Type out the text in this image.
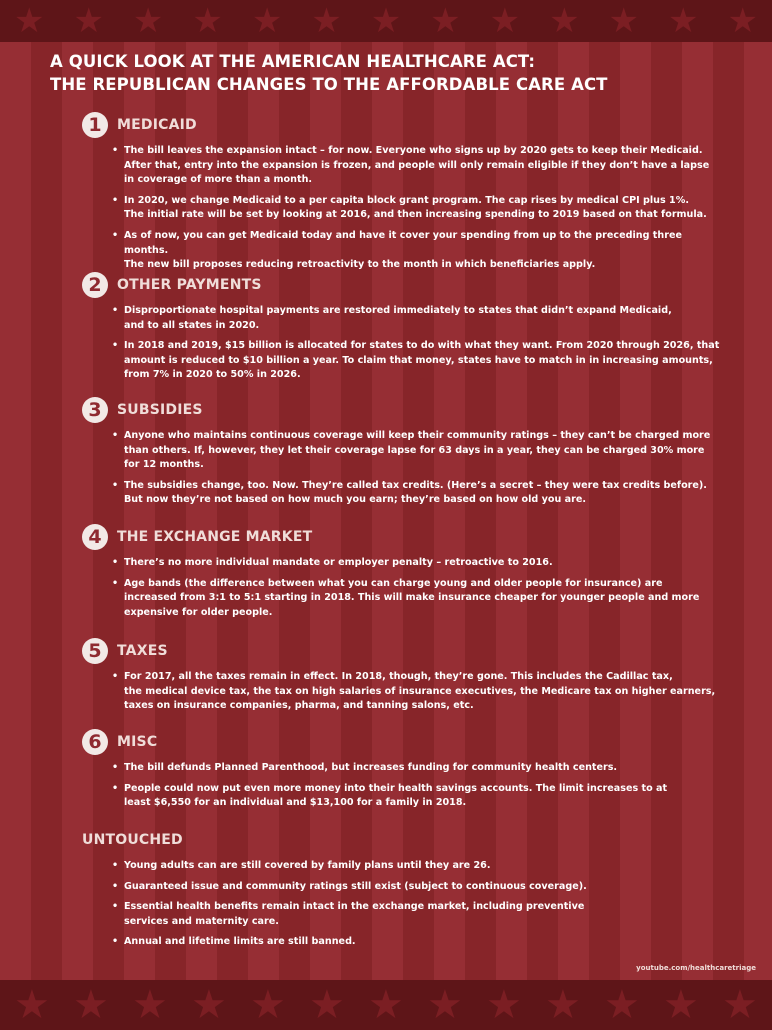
★ ★ ★ ★ ★ ★ ★ ★ ★ ★ ★ ★ ★
A QUICK LOOK AT THE AMERICAN HEALTHCARE ACT:
THE REPUBLICAN CHANGES TO THE AFFORDABLE CARE ACT
1	MEDICAID
• The bill leaves the expansion intact – for now. Everyone who signs up by 2020 gets to keep their Medicaid.
After that, entry into the expansion is frozen, and people will only remain eligible if they don’t have a lapse
in coverage of more than a month.
• In 2020, we change Medicaid to a per capita block grant program. The cap rises by medical CPI plus 1%.
The initial rate will be set by looking at 2016, and then increasing spending to 2019 based on that formula.
• As of now, you can get Medicaid today and have it cover your spending from up to the preceding three months.
The new bill proposes reducing retroactivity to the month in which beneficiaries apply.
2	OTHER PAYMENTS
• Disproportionate hospital payments are restored immediately to states that didn’t expand Medicaid,
and to all states in 2020.
• In 2018 and 2019, $15 billion is allocated for states to do with what they want. From 2020 through 2026, that
amount is reduced to $10 billion a year. To claim that money, states have to match in in increasing amounts,
from 7% in 2020 to 50% in 2026.
3	SUBSIDIES
• Anyone who maintains continuous coverage will keep their community ratings – they can’t be charged more
than others. If, however, they let their coverage lapse for 63 days in a year, they can be charged 30% more
for 12 months.
• The subsidies change, too. Now. They’re called tax credits. (Here’s a secret – they were tax credits before).
But now they’re not based on how much you earn; they’re based on how old you are.
4	THE EXCHANGE MARKET
• There’s no more individual mandate or employer penalty – retroactive to 2016.
• Age bands (the difference between what you can charge young and older people for insurance) are
increased from 3:1 to 5:1 starting in 2018. This will make insurance cheaper for younger people and more
expensive for older people.
5	TAXES
• For 2017, all the taxes remain in effect. In 2018, though, they’re gone. This includes the Cadillac tax,
the medical device tax, the tax on high salaries of insurance executives, the Medicare tax on higher earners,
taxes on insurance companies, pharma, and tanning salons, etc.
6	MISC
• The bill defunds Planned Parenthood, but increases funding for community health centers.
• People could now put even more money into their health savings accounts. The limit increases to at
least $6,550 for an individual and $13,100 for a family in 2018.
UNTOUCHED
• Young adults can are still covered by family plans until they are 26.
• Guaranteed issue and community ratings still exist (subject to continuous coverage).
• Essential health benefits remain intact in the exchange market, including preventive
services and maternity care.
• Annual and lifetime limits are still banned.
youtube.com/healthcaretriage
★ ★ ★ ★ ★ ★ ★ ★ ★ ★ ★ ★ ★
